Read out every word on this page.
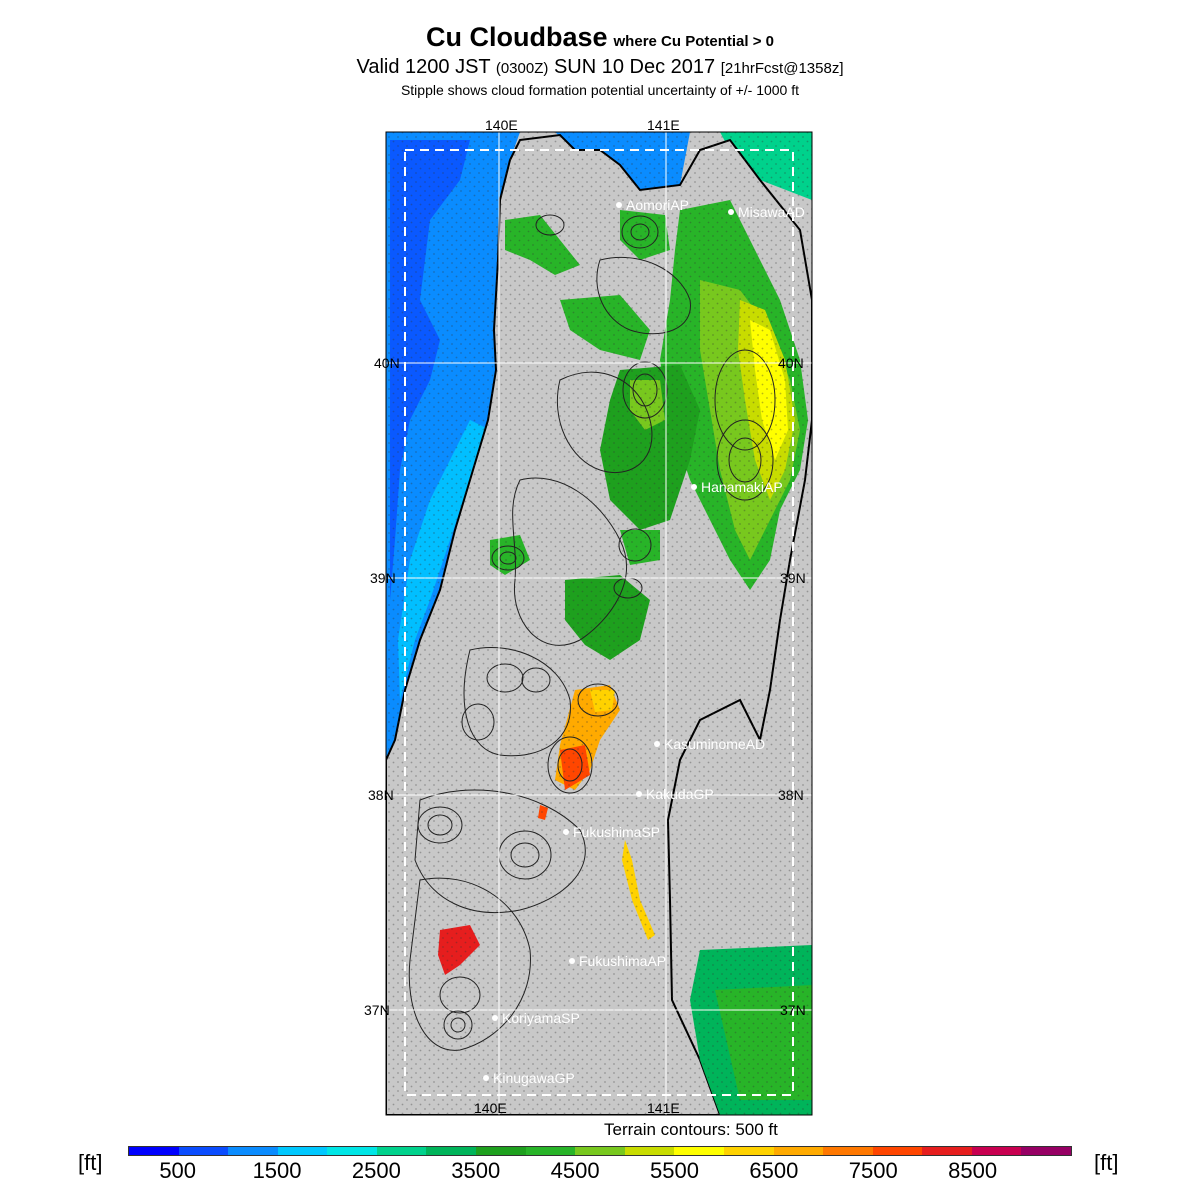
Cu Cloudbase where Cu Potential > 0
Valid 1200 JST (0300Z) SUN 10 Dec 2017 [21hrFcst@1358z]
Stipple shows cloud formation potential uncertainty of +/- 1000 ft
140E	141E
140E	141E
40N
39N
38N
37N
40N
39N
38N
37N
AomoriAP	MisawaAD
HanamakiAP
KasuminomeAD
KakudaGP
FukushimaSP
FukushimaAP
KoriyamaSP
KinugawaGP
Terrain contours: 500 ft
[ft]	[ft]
500	1500 2500 3500 4500 5500 6500 7500 8500
